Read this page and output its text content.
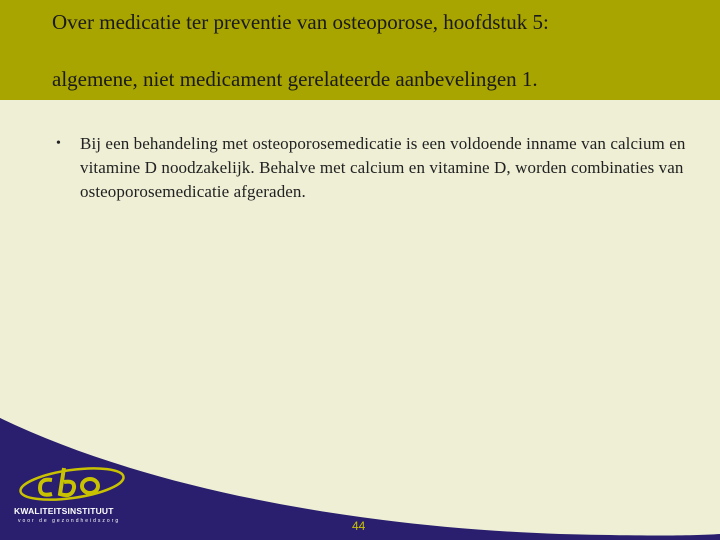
Over medicatie ter preventie van osteoporose, hoofdstuk 5:
algemene, niet medicament gerelateerde aanbevelingen 1.
• Bij een behandeling met osteoporosemedicatie is een voldoende inname van calcium en vitamine D noodzakelijk. Behalve met calcium en vitamine D, worden combinaties van osteoporosemedicatie afgeraden.
KWALITEITSINSTITUUT
voor de gezondheidszorg	44
